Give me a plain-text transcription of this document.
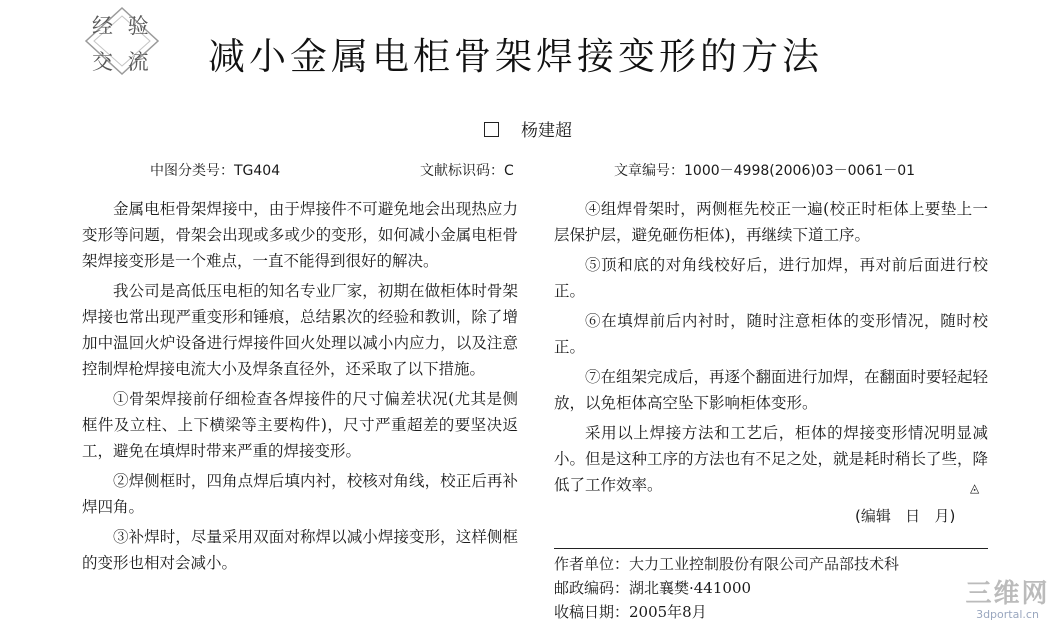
经 验
交 流 减小金属电柜骨架焊接变形的方法
杨建超
中图分类号：TG404	文献标识码：C	文章编号：1000－4998(2006)03－0061－01

金属电柜骨架焊接中，由于焊接件不可避免地会出现热应力变形等问题，骨架会出现或多或少的变形，如何减小金属电柜骨架焊接变形是一个难点，一直不能得到很好的解决。

我公司是高低压电柜的知名专业厂家，初期在做柜体时骨架焊接也常出现严重变形和锤痕，总结累次的经验和教训，除了增加中温回火炉设备进行焊接件回火处理以减小内应力，以及注意控制焊枪焊接电流大小及焊条直径外，还采取了以下措施。

①骨架焊接前仔细检查各焊接件的尺寸偏差状况(尤其是侧框件及立柱、上下横梁等主要构件)，尺寸严重超差的要坚决返工，避免在填焊时带来严重的焊接变形。

②焊侧框时，四角点焊后填内衬，校核对角线，校正后再补焊四角。

③补焊时，尽量采用双面对称焊以减小焊接变形，这样侧框的变形也相对会减小。

④组焊骨架时，两侧框先校正一遍(校正时柜体上要垫上一层保护层，避免砸伤柜体)，再继续下道工序。

⑤顶和底的对角线校好后，进行加焊，再对前后面进行校正。

⑥在填焊前后内衬时，随时注意柜体的变形情况，随时校正。

⑦在组架完成后，再逐个翻面进行加焊，在翻面时要轻起轻放，以免柜体高空坠下影响柜体变形。

采用以上焊接方法和工艺后，柜体的焊接变形情况明显减小。但是这种工序的方法也有不足之处，就是耗时稍长了些，降低了工作效率。	◬
(编辑   日   月)
作者单位：大力工业控制股份有限公司产品部技术科
邮政编码：湖北襄樊·441000
收稿日期：2005年8月
三维网
3dportal.cn
